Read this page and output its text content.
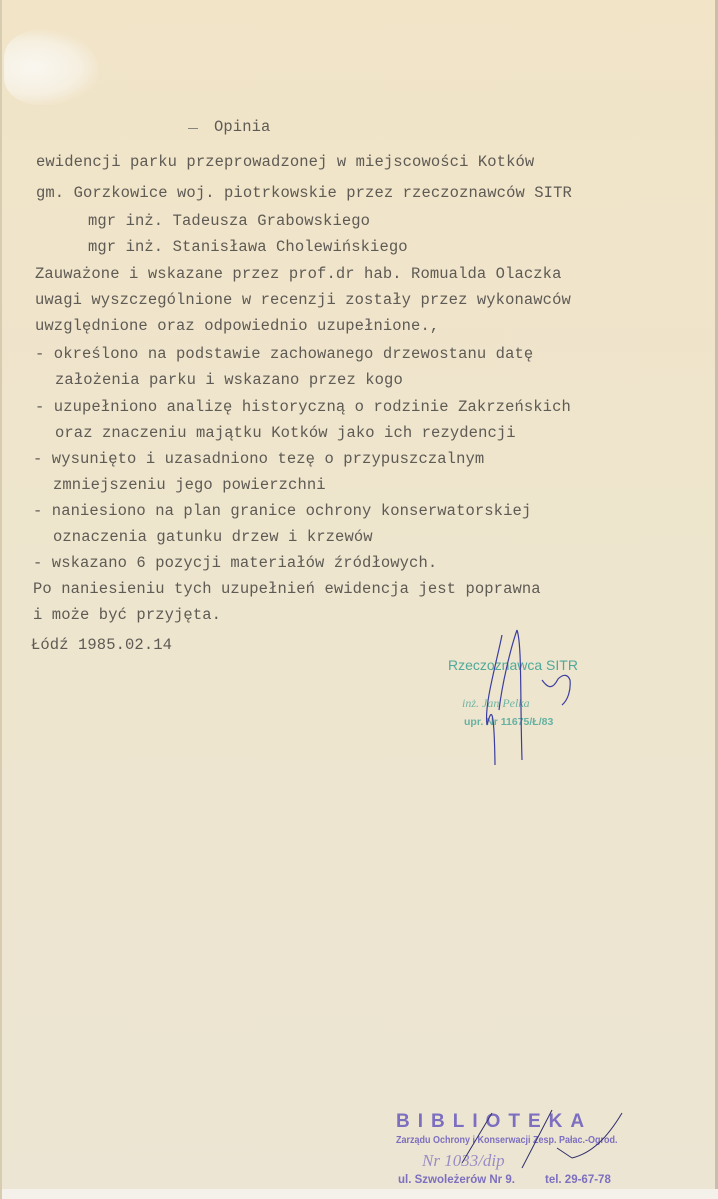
Opinia
ewidencji parku przeprowadzonej w miejscowości Kotków
gm. Gorzkowice woj. piotrkowskie przez rzeczoznawców SITR
mgr inż. Tadeusza Grabowskiego
mgr inż. Stanisława Cholewińskiego
Zauważone i wskazane przez prof.dr hab. Romualda Olaczka
uwagi wyszczególnione w recenzji zostały przez wykonawców
uwzględnione oraz odpowiednio uzupełnione.,
- określono na podstawie zachowanego drzewostanu datę
założenia parku i wskazano przez kogo
- uzupełniono analizę historyczną o rodzinie Zakrzeńskich
oraz znaczeniu majątku Kotków jako ich rezydencji
- wysunięto i uzasadniono tezę o przypuszczalnym
zmniejszeniu jego powierzchni
- naniesiono na plan granice ochrony konserwatorskiej
oznaczenia gatunku drzew i krzewów
- wskazano 6 pozycji materiałów źródłowych.
Po naniesieniu tych uzupełnień ewidencja jest poprawna
i może być przyjęta.
Łódź 1985.02.14
Rzeczoznawca SITR
inż. Jan Pelka
upr. Nr 11675/Ł/83
BIBLIOTEKA
Zarządu Ochrony i Konserwacji Zesp. Pałac.-Ogrod.
Nr 1033/dip
ul. Szwoleżerów Nr 9.	tel. 29-67-78
